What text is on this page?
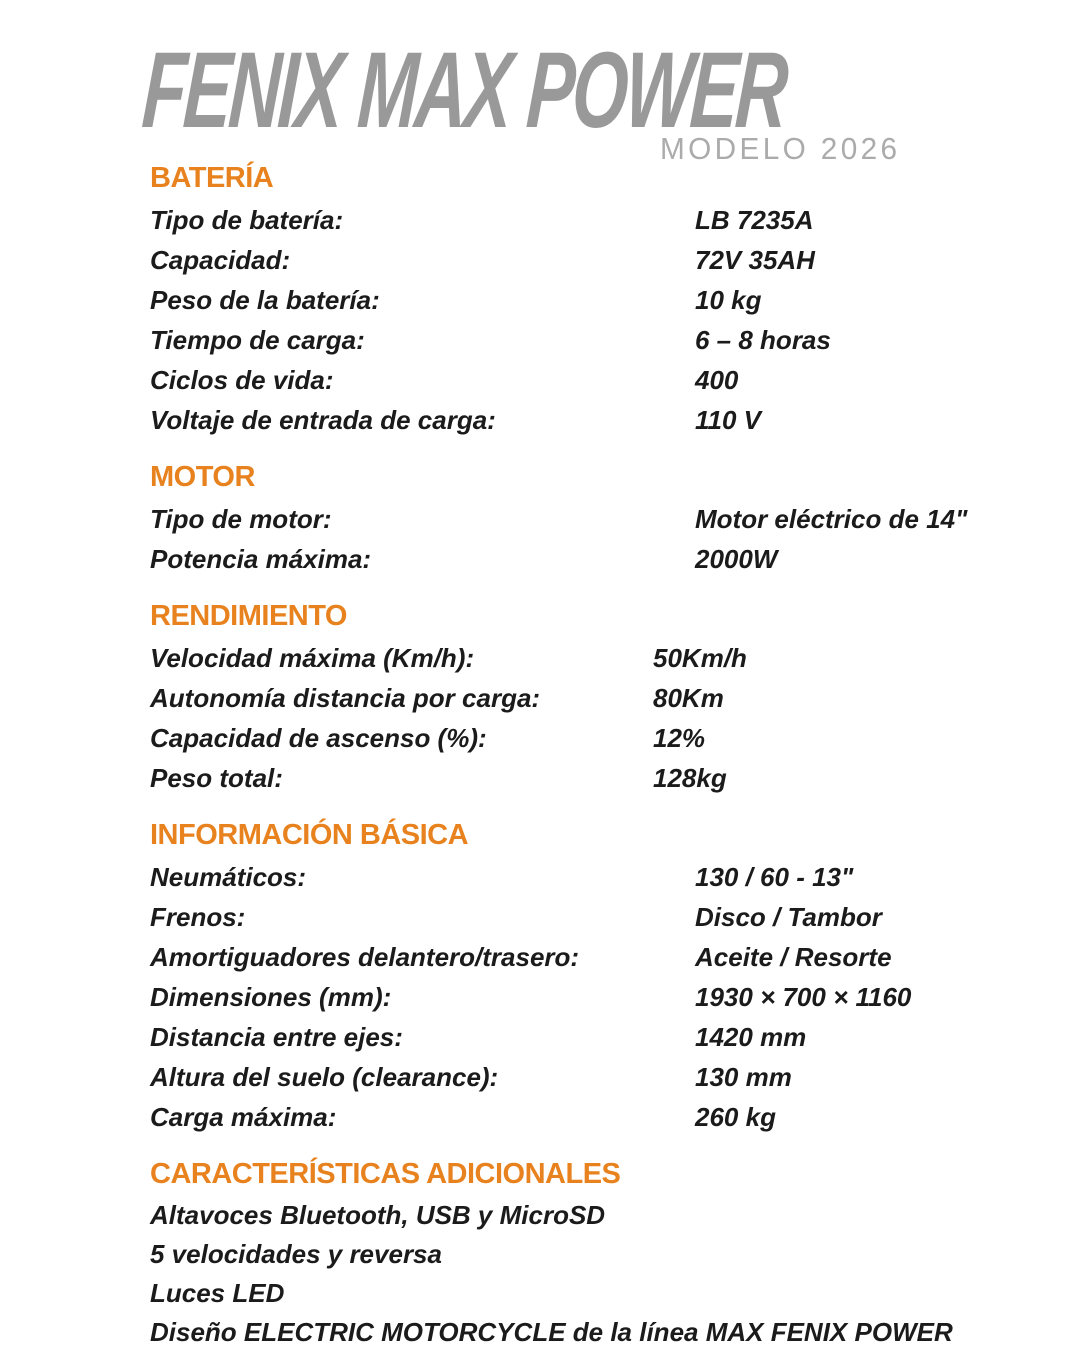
FENIX MAX POWER
MODELO 2026
BATERÍA
Tipo de batería:	LB 7235A
Capacidad:	72V 35AH
Peso de la batería:	10 kg
Tiempo de carga:	6 – 8 horas
Ciclos de vida:	400
Voltaje de entrada de carga:	110 V
MOTOR
Tipo de motor:	Motor eléctrico de 14"
Potencia máxima:	2000W
RENDIMIENTO
Velocidad máxima (Km/h):	50Km/h
Autonomía distancia por carga:	80Km
Capacidad de ascenso (%):	12%
Peso total:	128kg
INFORMACIÓN BÁSICA
Neumáticos:	130 / 60 - 13"
Frenos:	Disco / Tambor
Amortiguadores delantero/trasero:	Aceite / Resorte
Dimensiones (mm):	1930 × 700 × 1160
Distancia entre ejes:	1420 mm
Altura del suelo (clearance):	130 mm
Carga máxima:	260 kg
CARACTERÍSTICAS ADICIONALES
Altavoces Bluetooth, USB y MicroSD
5 velocidades y reversa
Luces LED
Diseño ELECTRIC MOTORCYCLE de la línea MAX FENIX POWER
